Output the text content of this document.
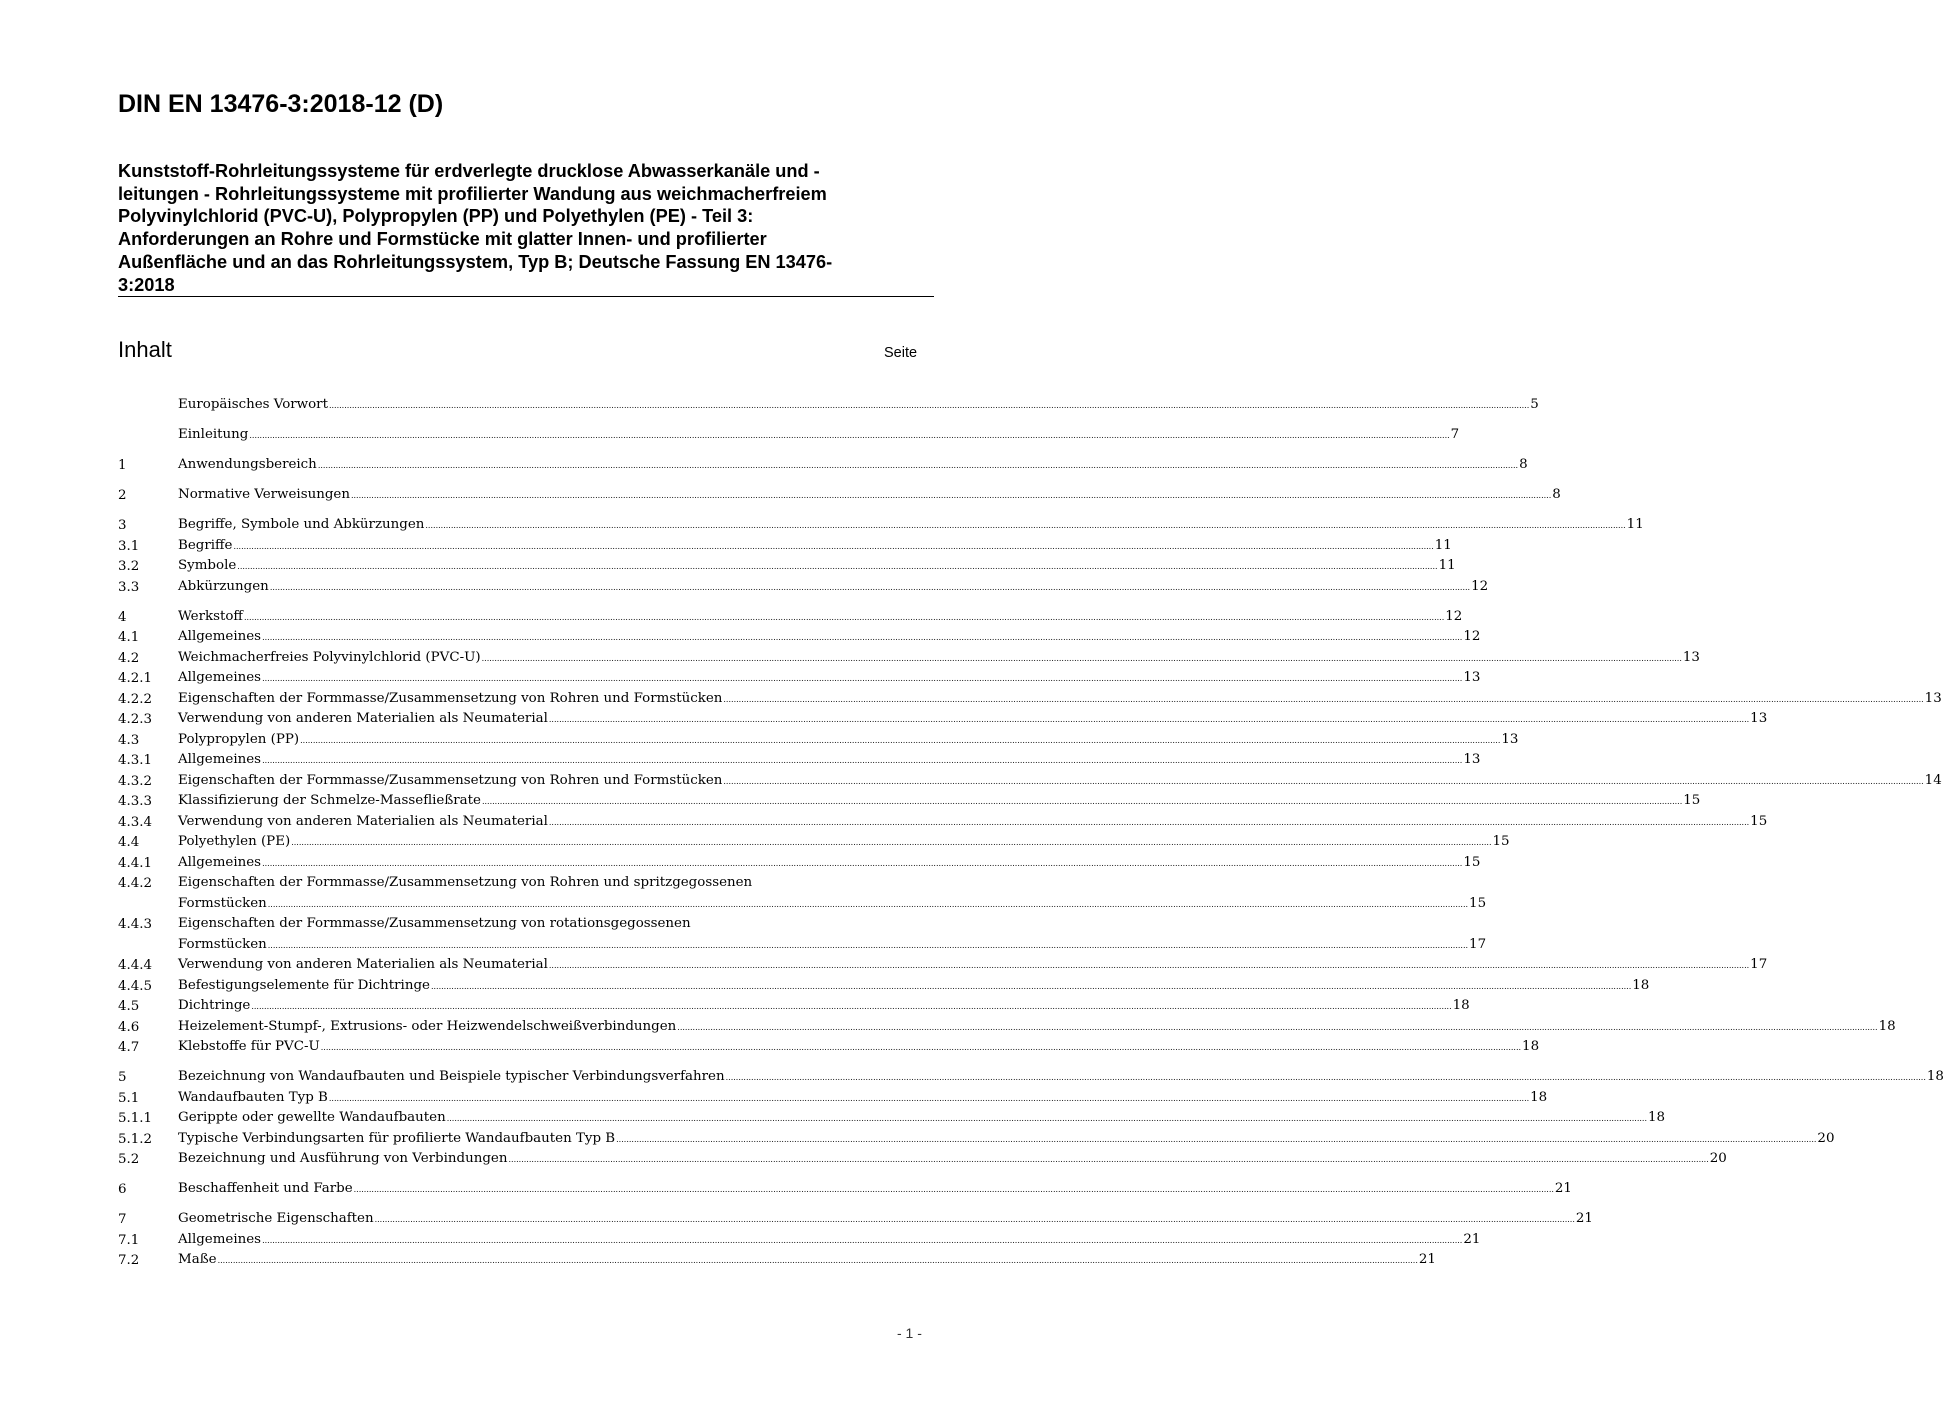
DIN EN 13476-3:2018-12 (D)
Kunststoff-Rohrleitungssysteme für erdverlegte drucklose Abwasserkanäle und -
leitungen - Rohrleitungssysteme mit profilierter Wandung aus weichmacherfreiem
Polyvinylchlorid (PVC-U), Polypropylen (PP) und Polyethylen (PE) - Teil 3:
Anforderungen an Rohre und Formstücke mit glatter Innen- und profilierter
Außenfläche und an das Rohrleitungssystem, Typ B; Deutsche Fassung EN 13476-
3:2018
Inhalt	Seite
Europäisches Vorwort .....	5
Einleitung .....	7
1	Anwendungsbereich .....	8
2	Normative Verweisungen .....	8
3	Begriffe, Symbole und Abkürzungen .....	11
3.1	Begriffe .....	11
3.2	Symbole .....	11
3.3	Abkürzungen .....	12
4	Werkstoff .....	12
4.1	Allgemeines .....	12
4.2	Weichmacherfreies Polyvinylchlorid (PVC-U) .....	13
4.2.1	Allgemeines .....	13
4.2.2	Eigenschaften der Formmasse/Zusammensetzung von Rohren und Formstücken .....	13
4.2.3	Verwendung von anderen Materialien als Neumaterial .....	13
4.3	Polypropylen (PP) .....	13
4.3.1	Allgemeines .....	13
4.3.2	Eigenschaften der Formmasse/Zusammensetzung von Rohren und Formstücken .....	14
4.3.3	Klassifizierung der Schmelze-Massefließrate .....	15
4.3.4	Verwendung von anderen Materialien als Neumaterial .....	15
4.4	Polyethylen (PE) .....	15
4.4.1	Allgemeines .....	15
4.4.2	Eigenschaften der Formmasse/Zusammensetzung von Rohren und spritzgegossenen
Formstücken .....	15
4.4.3	Eigenschaften der Formmasse/Zusammensetzung von rotationsgegossenen
Formstücken .....	17
4.4.4	Verwendung von anderen Materialien als Neumaterial .....	17
4.4.5	Befestigungselemente für Dichtringe .....	18
4.5	Dichtringe .....	18
4.6	Heizelement-Stumpf-, Extrusions- oder Heizwendelschweißverbindungen .....	18
4.7	Klebstoffe für PVC-U .....	18
5	Bezeichnung von Wandaufbauten und Beispiele typischer Verbindungsverfahren .....	18
5.1	Wandaufbauten Typ B .....	18
5.1.1	Gerippte oder gewellte Wandaufbauten .....	18
5.1.2	Typische Verbindungsarten für profilierte Wandaufbauten Typ B .....	20
5.2	Bezeichnung und Ausführung von Verbindungen .....	20
6	Beschaffenheit und Farbe .....	21
7	Geometrische Eigenschaften .....	21
7.1	Allgemeines .....	21
7.2	Maße .....	21
- 1 -
